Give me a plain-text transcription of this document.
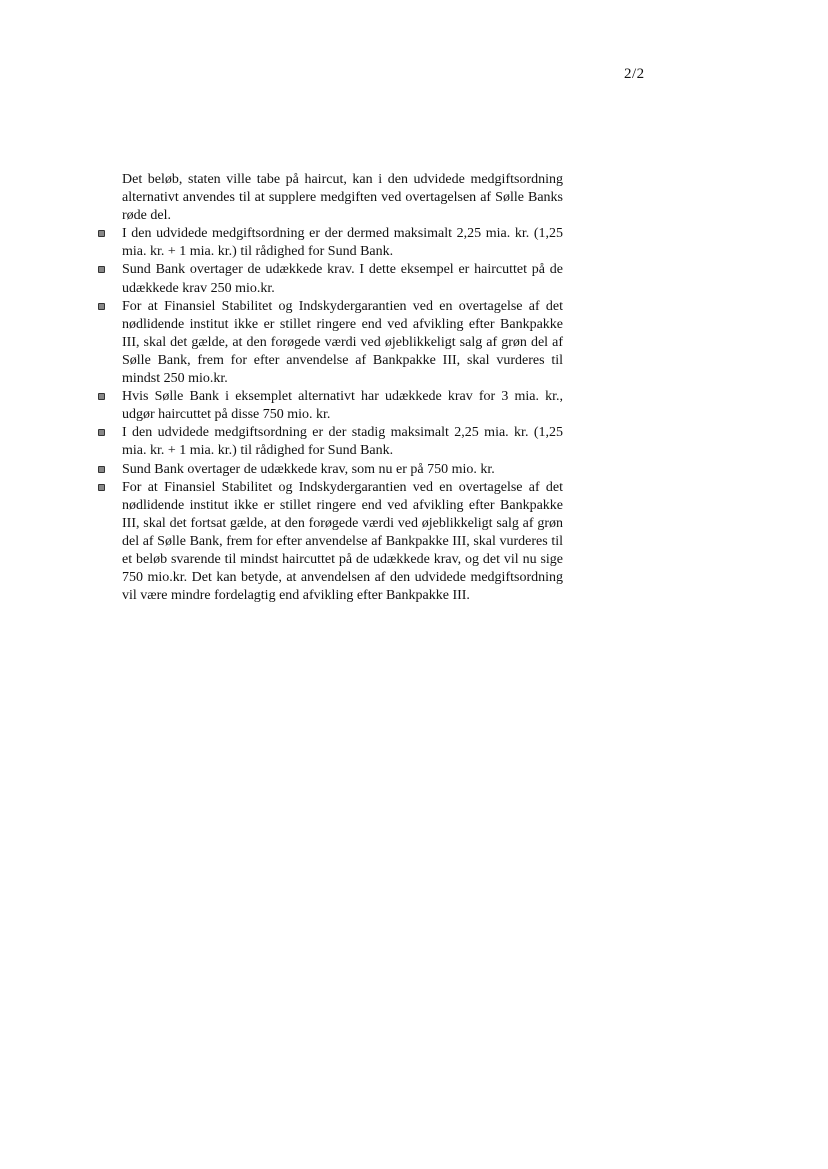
2/2

Det beløb, staten ville tabe på haircut, kan i den udvidede medgiftsordning alternativt anvendes til at supplere medgiften ved overtagelsen af Sølle Banks røde del.

I den udvidede medgiftsordning er der dermed maksimalt 2,25 mia. kr. (1,25 mia. kr. + 1 mia. kr.) til rådighed for Sund Bank.
Sund Bank overtager de udækkede krav. I dette eksempel er haircuttet på de udækkede krav 250 mio.kr.
For at Finansiel Stabilitet og Indskydergarantien ved en overtagelse af det nødlidende institut ikke er stillet ringere end ved afvikling efter Bankpakke III, skal det gælde, at den forøgede værdi ved øjeblikkeligt salg af grøn del af Sølle Bank, frem for efter anvendelse af Bankpakke III, skal vurderes til mindst 250 mio.kr.
Hvis Sølle Bank i eksemplet alternativt har udækkede krav for 3 mia. kr., udgør haircuttet på disse 750 mio. kr.
I den udvidede medgiftsordning er der stadig maksimalt 2,25 mia. kr. (1,25 mia. kr. + 1 mia. kr.) til rådighed for Sund Bank.
Sund Bank overtager de udækkede krav, som nu er på 750 mio. kr.
For at Finansiel Stabilitet og Indskydergarantien ved en overtagelse af det nødlidende institut ikke er stillet ringere end ved afvikling efter Bankpakke III, skal det fortsat gælde, at den forøgede værdi ved øjeblikkeligt salg af grøn del af Sølle Bank, frem for efter anvendelse af Bankpakke III, skal vurderes til et beløb svarende til mindst haircuttet på de udækkede krav, og det vil nu sige 750 mio.kr. Det kan betyde, at anvendelsen af den udvidede medgiftsordning vil være mindre fordelagtig end afvikling efter Bankpakke III.
